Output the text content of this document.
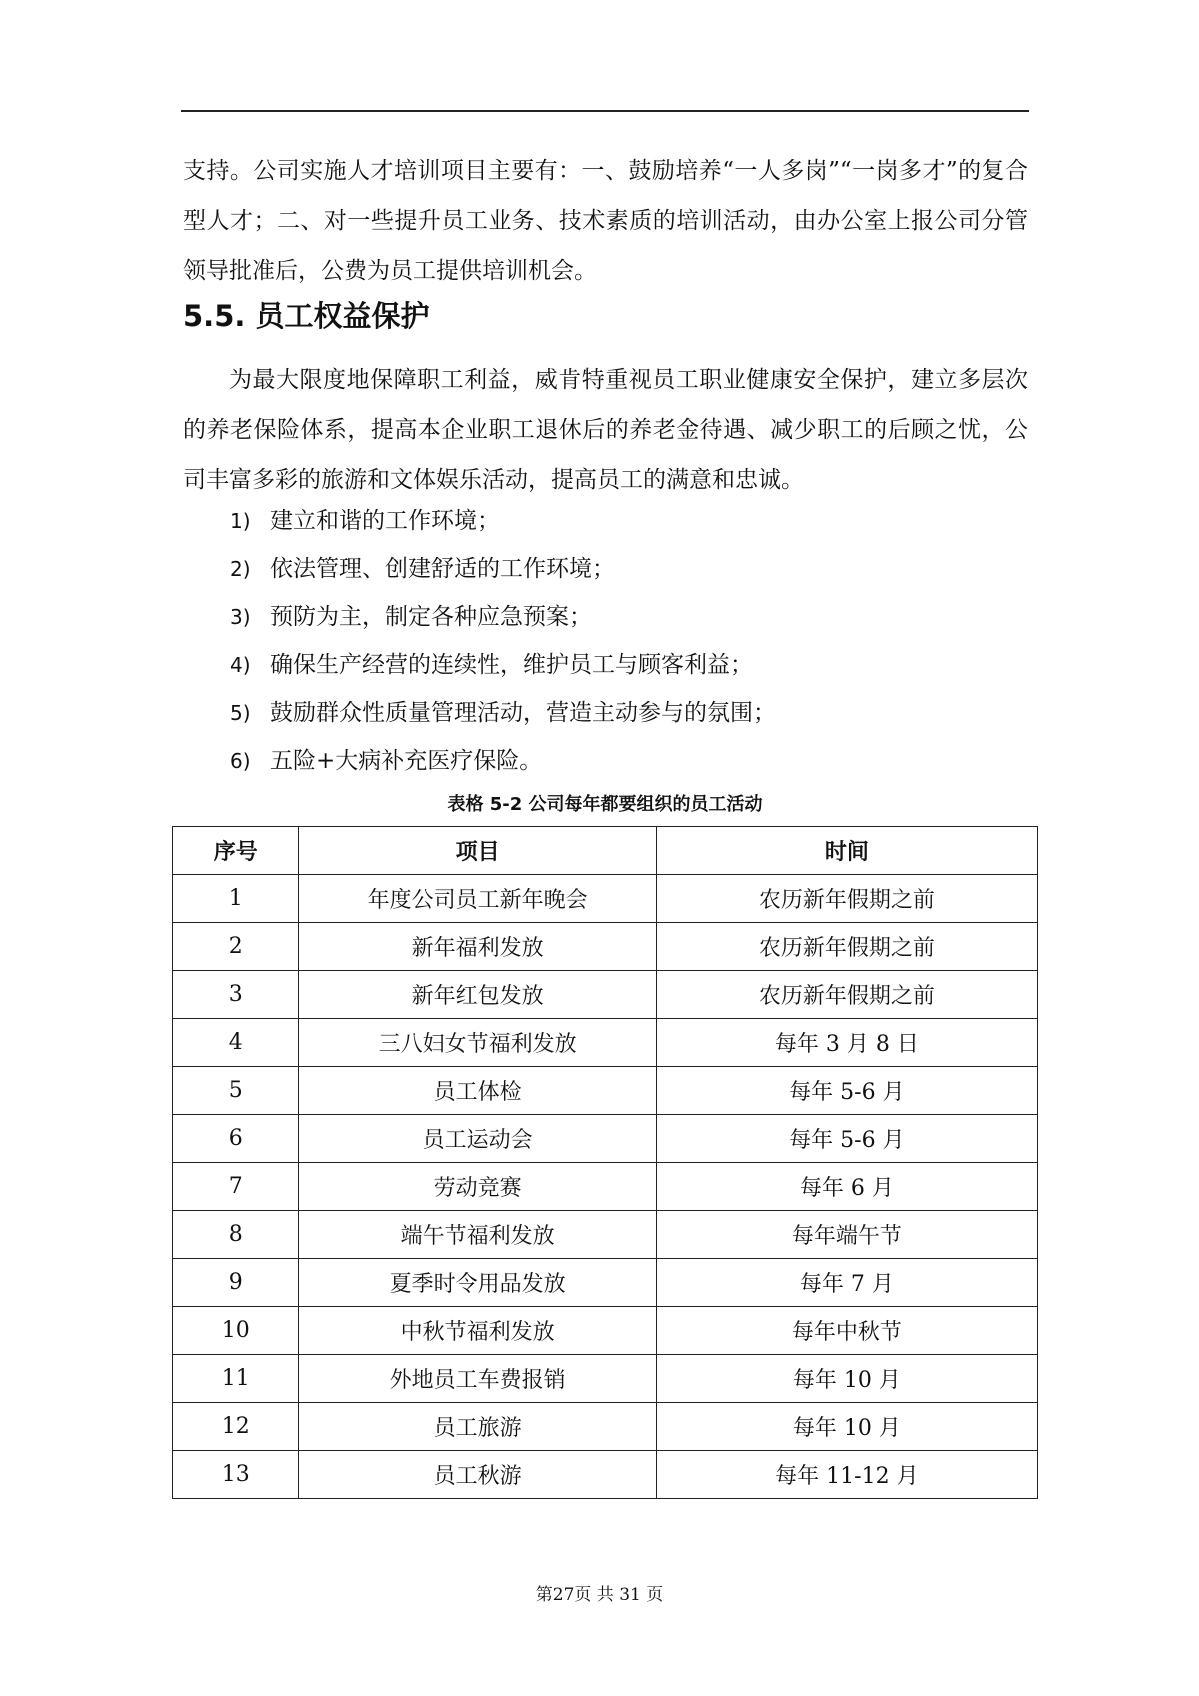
支持。公司实施人才培训项目主要有：一、鼓励培养“一人多岗”“一岗多才”的复合型人才；二、对一些提升员工业务、技术素质的培训活动，由办公室上报公司分管领导批准后，公费为员工提供培训机会。

5.5. 员工权益保护

为最大限度地保障职工利益，威肯特重视员工职业健康安全保护，建立多层次的养老保险体系，提高本企业职工退休后的养老金待遇、减少职工的后顾之忧，公司丰富多彩的旅游和文体娱乐活动，提高员工的满意和忠诚。

1) 建立和谐的工作环境；
2) 依法管理、创建舒适的工作环境；
3) 预防为主，制定各种应急预案；
4) 确保生产经营的连续性，维护员工与顾客利益；
5) 鼓励群众性质量管理活动，营造主动参与的氛围；
6) 五险+大病补充医疗保险。
表格 5-2 公司每年都要组织的员工活动
序号	项目	时间
1	年度公司员工新年晚会	农历新年假期之前
2	新年福利发放	农历新年假期之前
3	新年红包发放	农历新年假期之前
4	三八妇女节福利发放	每年 3 月 8 日
5	员工体检	每年 5-6 月
6	员工运动会	每年 5-6 月
7	劳动竞赛	每年 6 月
8	端午节福利发放	每年端午节
9	夏季时令用品发放	每年 7 月
10	中秋节福利发放	每年中秋节
11	外地员工车费报销	每年 10 月
12	员工旅游	每年 10 月
13	员工秋游	每年 11-12 月
第27页 共 31 页
